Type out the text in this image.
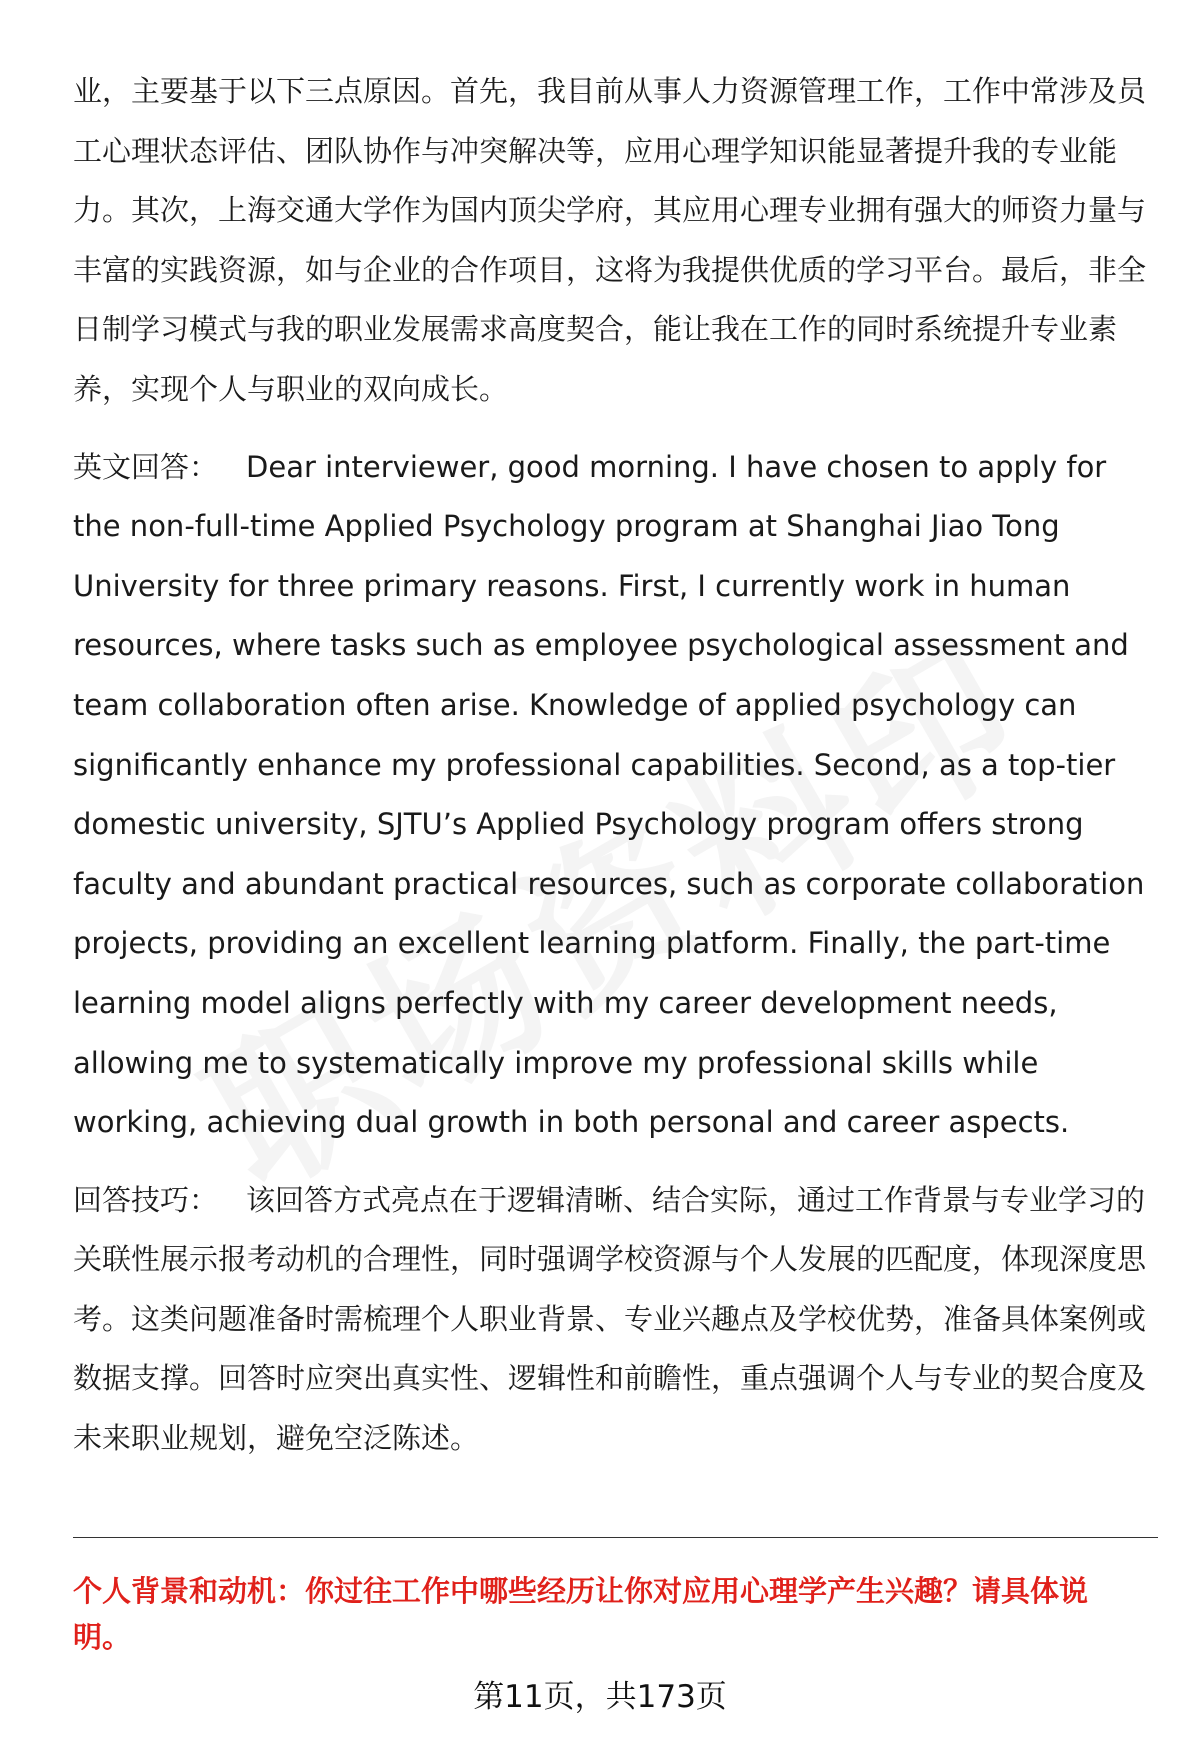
业，主要基于以下三点原因。首先，我目前从事人力资源管理工作，工作中常涉及员工心理状态评估、团队协作与冲突解决等，应用心理学知识能显著提升我的专业能力。其次，上海交通大学作为国内顶尖学府，其应用心理专业拥有强大的师资力量与丰富的实践资源，如与企业的合作项目，这将为我提供优质的学习平台。最后，非全日制学习模式与我的职业发展需求高度契合，能让我在工作的同时系统提升专业素养，实现个人与职业的双向成长。

英文回答： Dear interviewer, good morning. I have chosen to apply for the non-full-time Applied Psychology program at Shanghai Jiao Tong University for three primary reasons. First, I currently work in human resources, where tasks such as employee psychological assessment and team collaboration often arise. Knowledge of applied psychology can significantly enhance my professional capabilities. Second, as a top-tier domestic university, SJTU’s Applied Psychology program offers strong faculty and abundant practical resources, such as corporate collaboration projects, providing an excellent learning platform. Finally, the part-time learning model aligns perfectly with my career development needs, allowing me to systematically improve my professional skills while working, achieving dual growth in both personal and career aspects.

回答技巧： 该回答方式亮点在于逻辑清晰、结合实际，通过工作背景与专业学习的关联性展示报考动机的合理性，同时强调学校资源与个人发展的匹配度，体现深度思考。这类问题准备时需梳理个人职业背景、专业兴趣点及学校优势，准备具体案例或数据支撑。回答时应突出真实性、逻辑性和前瞻性，重点强调个人与专业的契合度及未来职业规划，避免空泛陈述。

个人背景和动机：你过往工作中哪些经历让你对应用心理学产生兴趣？请具体说明。

第11页，共173页
